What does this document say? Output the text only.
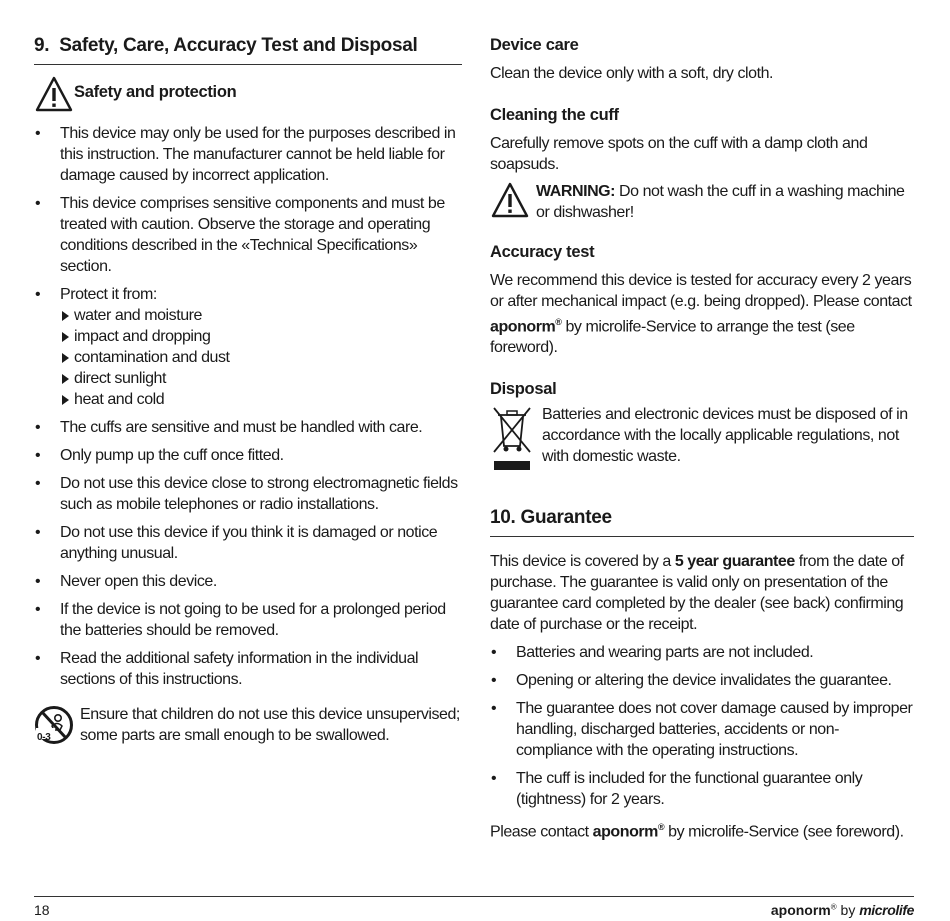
9.  Safety, Care, Accuracy Test and Disposal
Safety and protection
• This device may only be used for the purposes described in this instruction. The manufacturer cannot be held liable for damage caused by incorrect application.
• This device comprises sensitive components and must be treated with caution. Observe the storage and operating conditions described in the «Technical Specifications» section.
• Protect it from:
water and moisture
impact and dropping
contamination and dust
direct sunlight
heat and cold
• The cuffs are sensitive and must be handled with care.
• Only pump up the cuff once fitted.
• Do not use this device close to strong electromagnetic fields such as mobile telephones or radio installations.
• Do not use this device if you think it is damaged or notice anything unusual.
• Never open this device.
• If the device is not going to be used for a prolonged period the batteries should be removed.
• Read the additional safety information in the individual sections of this instructions.
0-3

Ensure that children do not use this device unsupervised; some parts are small enough to be swallowed.

Device care

Clean the device only with a soft, dry cloth.

Cleaning the cuff

Carefully remove spots on the cuff with a damp cloth and soapsuds.

WARNING: Do not wash the cuff in a washing machine or dishwasher!

Accuracy test

We recommend this device is tested for accuracy every 2 years or after mechanical impact (e.g. being dropped). Please contact aponorm® by microlife-Service to arrange the test (see foreword).

Disposal

Batteries and electronic devices must be disposed of in accordance with the locally applicable regulations, not with domestic waste.

10. Guarantee

This device is covered by a 5 year guarantee from the date of purchase. The guarantee is valid only on presentation of the guarantee card completed by the dealer (see back) confirming date of purchase or the receipt.

• Batteries and wearing parts are not included.
• Opening or altering the device invalidates the guarantee.
• The guarantee does not cover damage caused by improper handling, discharged batteries, accidents or non-compliance with the operating instructions.
• The cuff is included for the functional guarantee only (tightness) for 2 years.

Please contact aponorm® by microlife-Service (see foreword).

18	aponorm® by microlife
